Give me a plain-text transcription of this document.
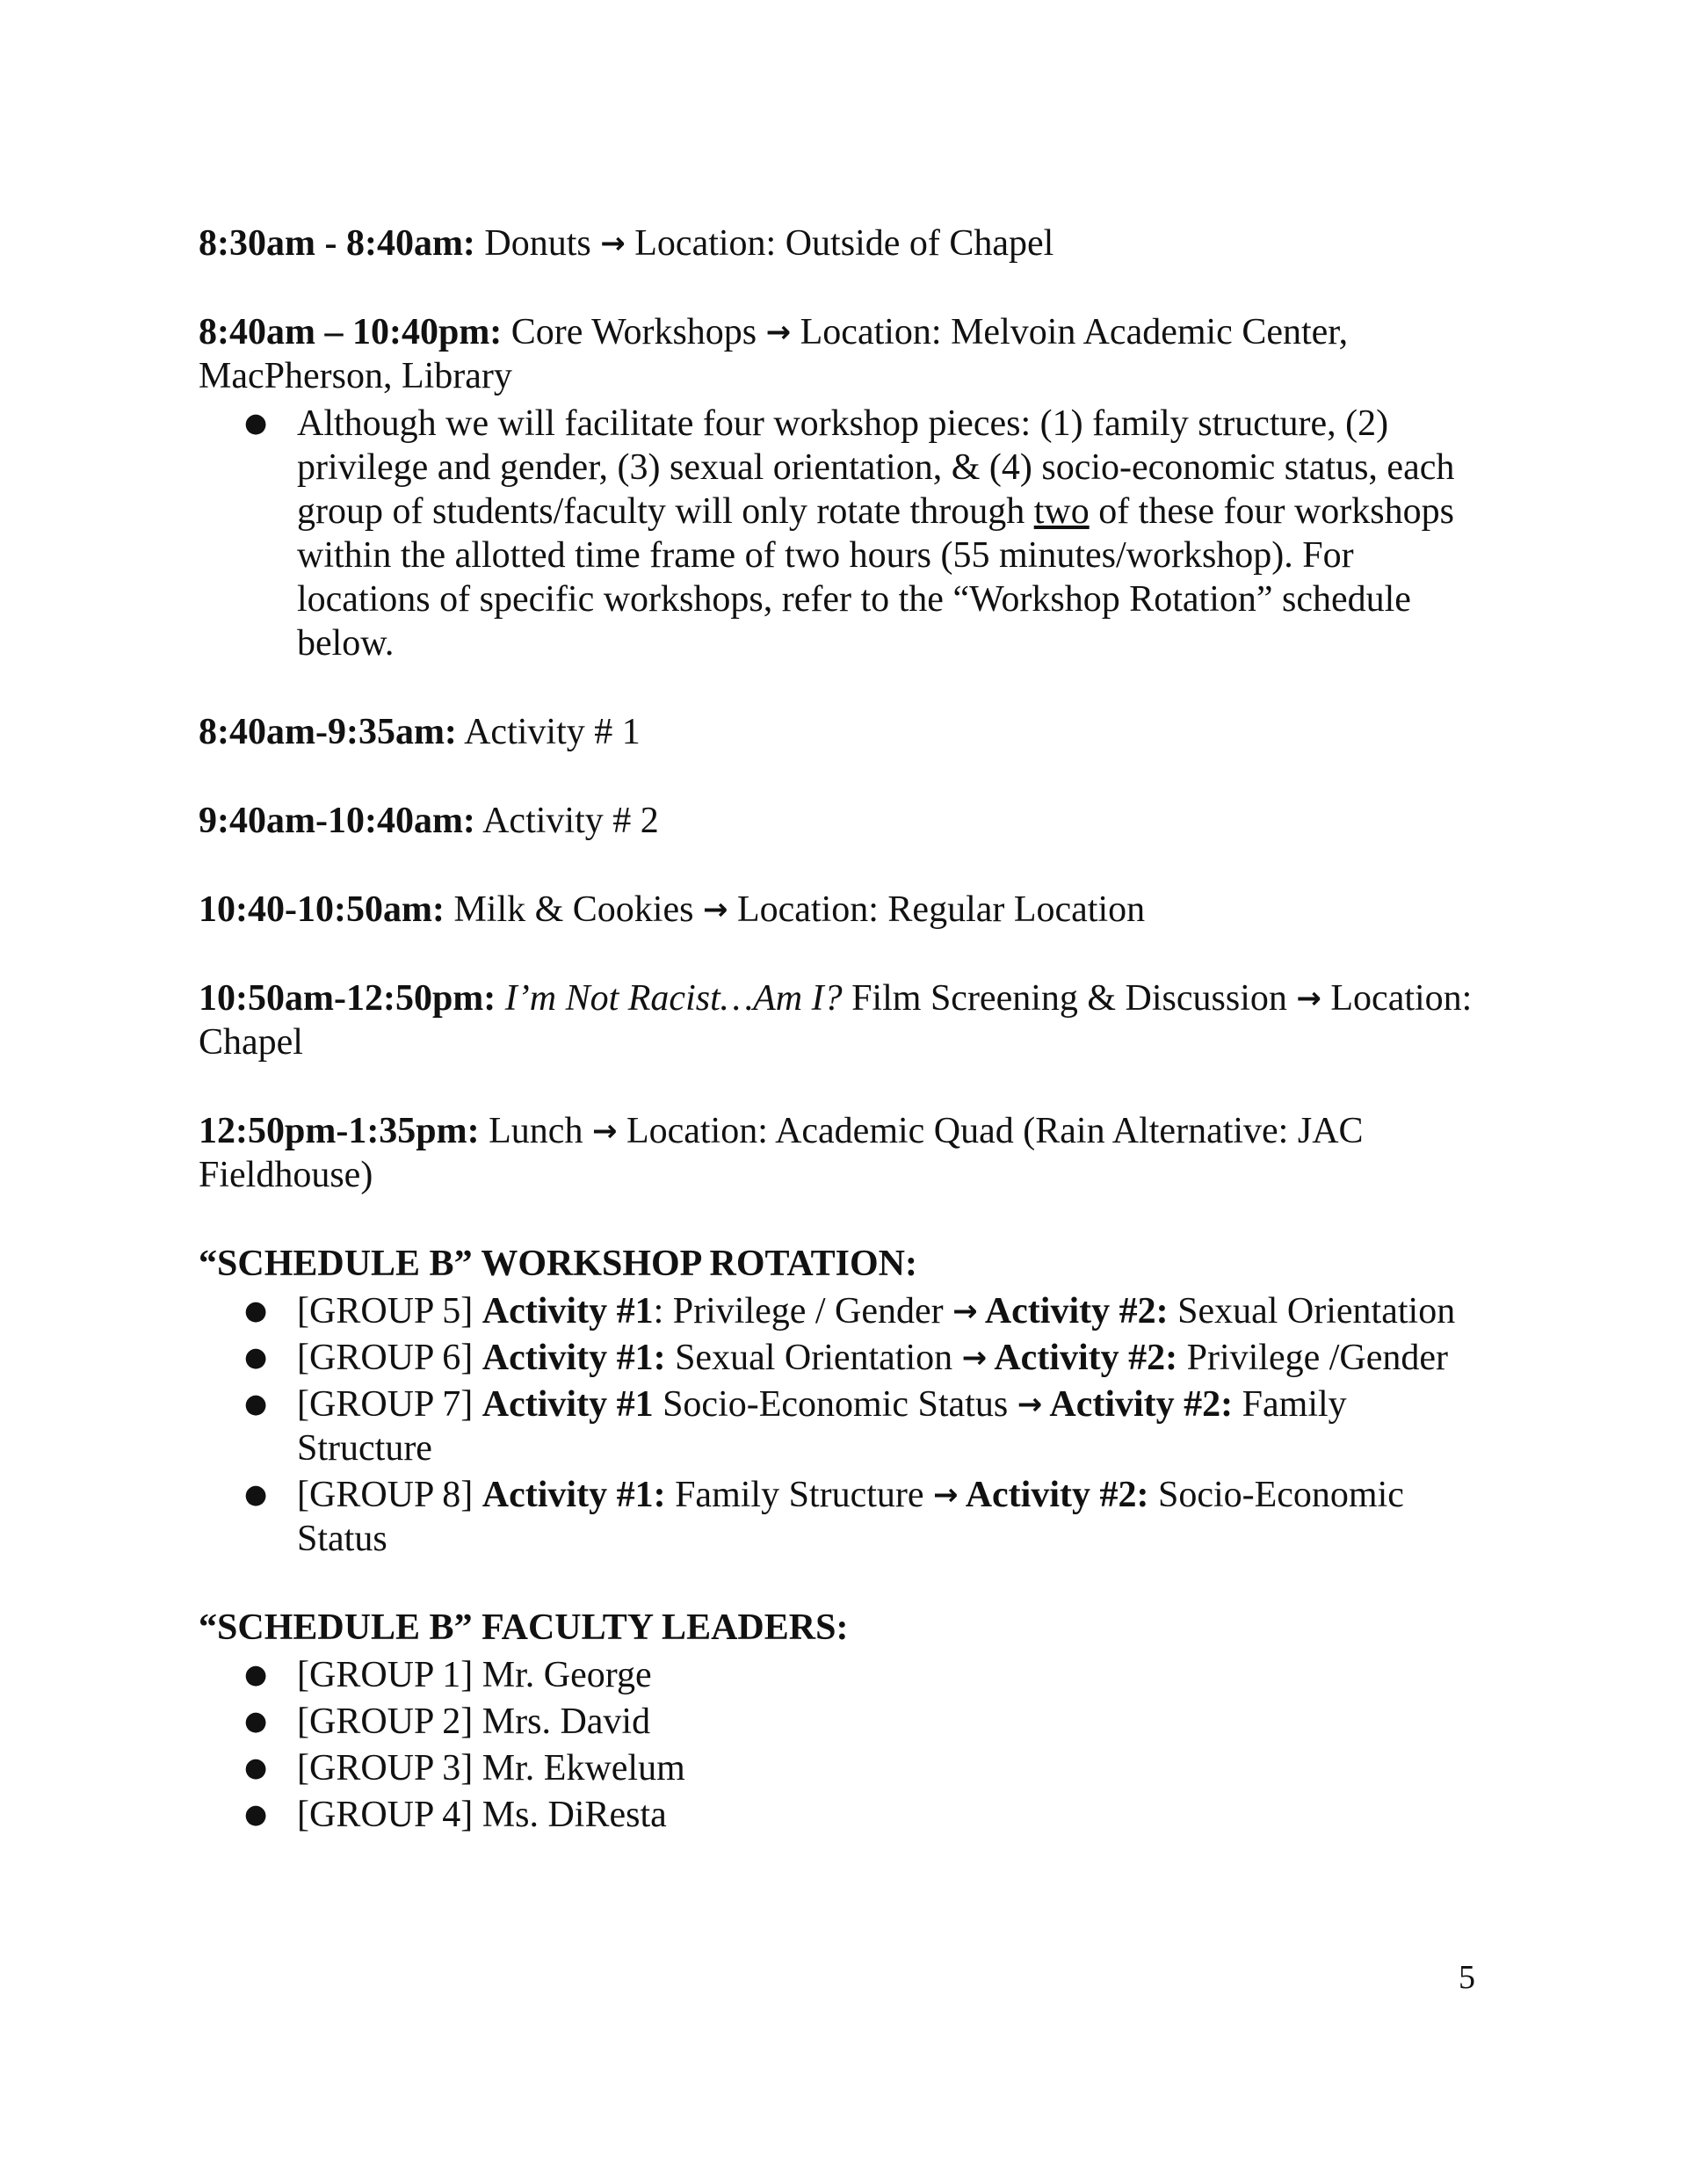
8:30am - 8:40am: Donuts → Location: Outside of Chapel

8:40am – 10:40pm: Core Workshops → Location: Melvoin Academic Center, MacPherson, Library

● Although we will facilitate four workshop pieces: (1) family structure, (2) privilege and gender, (3) sexual orientation, & (4) socio-economic status, each group of students/faculty will only rotate through two of these four workshops within the allotted time frame of two hours (55 minutes/workshop). For locations of specific workshops, refer to the “Workshop Rotation” schedule below.

8:40am-9:35am: Activity # 1

9:40am-10:40am: Activity # 2

10:40-10:50am: Milk & Cookies → Location: Regular Location

10:50am-12:50pm: I’m Not Racist…Am I? Film Screening & Discussion → Location: Chapel

12:50pm-1:35pm: Lunch → Location: Academic Quad (Rain Alternative: JAC Fieldhouse)

“SCHEDULE B” WORKSHOP ROTATION:

● [GROUP 5] Activity #1: Privilege / Gender → Activity #2: Sexual Orientation
● [GROUP 6] Activity #1: Sexual Orientation → Activity #2: Privilege /Gender
● [GROUP 7] Activity #1 Socio-Economic Status → Activity #2: Family Structure
● [GROUP 8] Activity #1: Family Structure → Activity #2: Socio-Economic Status

“SCHEDULE B” FACULTY LEADERS:

● [GROUP 1] Mr. George
● [GROUP 2] Mrs. David
● [GROUP 3] Mr. Ekwelum
● [GROUP 4] Ms. DiResta
5
